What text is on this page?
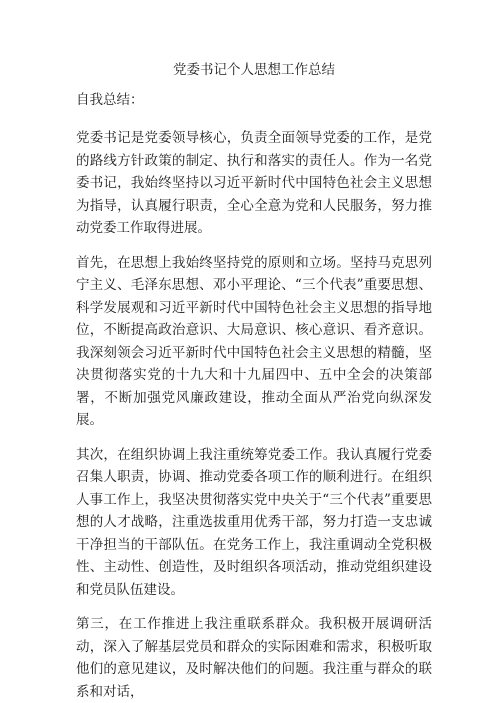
党委书记个人思想工作总结
自我总结：

党委书记是党委领导核心，负责全面领导党委的工作，是党的路线方针政策的制定、执行和落实的责任人。作为一名党委书记，我始终坚持以习近平新时代中国特色社会主义思想为指导，认真履行职责，全心全意为党和人民服务，努力推动党委工作取得进展。

首先，在思想上我始终坚持党的原则和立场。坚持马克思列宁主义、毛泽东思想、邓小平理论、“三个代表”重要思想、科学发展观和习近平新时代中国特色社会主义思想的指导地位，不断提高政治意识、大局意识、核心意识、看齐意识。我深刻领会习近平新时代中国特色社会主义思想的精髓，坚决贯彻落实党的十九大和十九届四中、五中全会的决策部署，不断加强党风廉政建设，推动全面从严治党向纵深发展。

其次，在组织协调上我注重统筹党委工作。我认真履行党委召集人职责，协调、推动党委各项工作的顺利进行。在组织人事工作上，我坚决贯彻落实党中央关于“三个代表”重要思想的人才战略，注重选拔重用优秀干部，努力打造一支忠诚干净担当的干部队伍。在党务工作上，我注重调动全党积极性、主动性、创造性，及时组织各项活动，推动党组织建设和党员队伍建设。

第三，在工作推进上我注重联系群众。我积极开展调研活动，深入了解基层党员和群众的实际困难和需求，积极听取他们的意见建议，及时解决他们的问题。我注重与群众的联系和对话，
